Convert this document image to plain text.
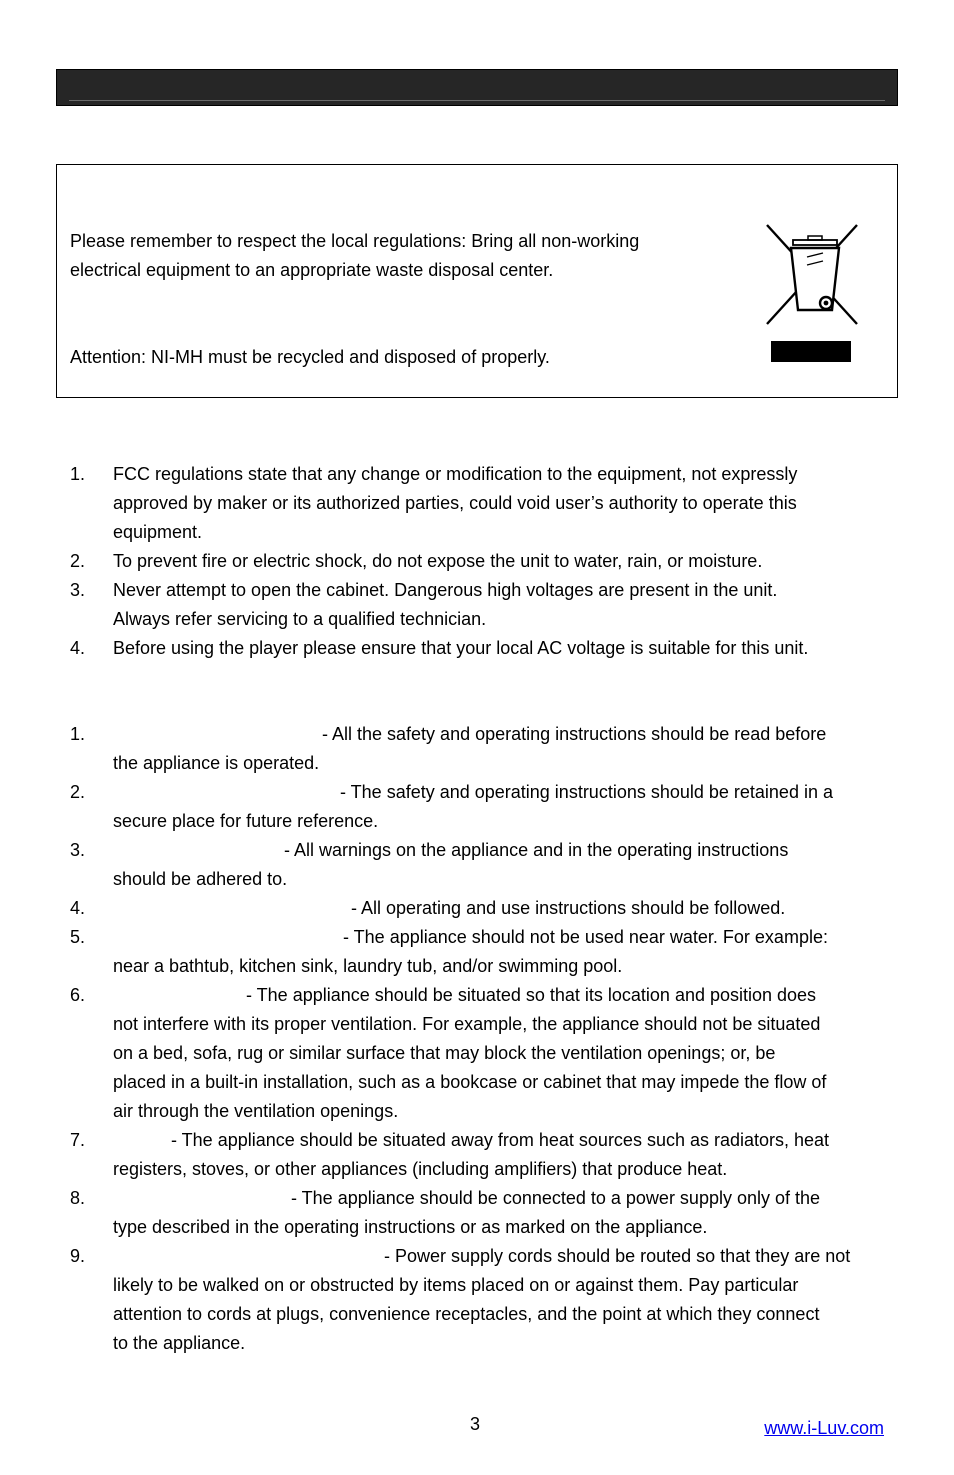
Please remember to respect the local regulations: Bring all non-working
electrical equipment to an appropriate waste disposal center.
Attention: NI-MH must be recycled and disposed of properly.
1. FCC regulations state that any change or modification to the equipment, not expressly
approved by maker or its authorized parties, could void user’s authority to operate this
equipment.
2. To prevent fire or electric shock, do not expose the unit to water, rain, or moisture.
3. Never attempt to open the cabinet. Dangerous high voltages are present in the unit.
Always refer servicing to a qualified technician.
4. Before using the player please ensure that your local AC voltage is suitable for this unit.
1.	- All the safety and operating instructions should be read before
the appliance is operated.
2.	- The safety and operating instructions should be retained in a
secure place for future reference.
3.	- All warnings on the appliance and in the operating instructions
should be adhered to.
4.	- All operating and use instructions should be followed.
5.	- The appliance should not be used near water. For example:
near a bathtub, kitchen sink, laundry tub, and/or swimming pool.
6.	- The appliance should be situated so that its location and position does
not interfere with its proper ventilation. For example, the appliance should not be situated
on a bed, sofa, rug or similar surface that may block the ventilation openings; or, be
placed in a built-in installation, such as a bookcase or cabinet that may impede the flow of
air through the ventilation openings.
7.	- The appliance should be situated away from heat sources such as radiators, heat
registers, stoves, or other appliances (including amplifiers) that produce heat.
8.	- The appliance should be connected to a power supply only of the
type described in the operating instructions or as marked on the appliance.
9.	- Power supply cords should be routed so that they are not
likely to be walked on or obstructed by items placed on or against them. Pay particular
attention to cords at plugs, convenience receptacles, and the point at which they connect
to the appliance.
3	www.i-Luv.com
